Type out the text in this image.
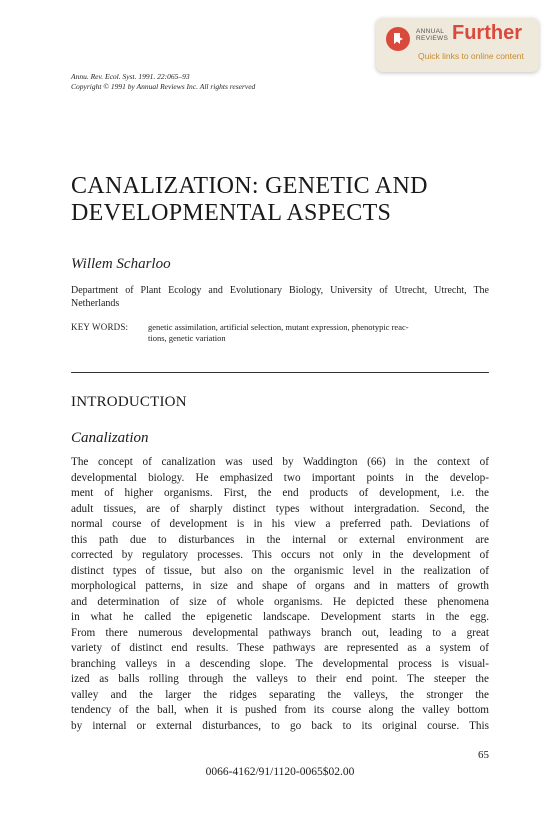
ANNUAL
REVIEWS Further
Quick links to online content
Annu. Rev. Ecol. Syst. 1991. 22:065–93
Copyright © 1991 by Annual Reviews Inc. All rights reserved
CANALIZATION: GENETIC AND
DEVELOPMENTAL ASPECTS
Willem Scharloo
Department of Plant Ecology and Evolutionary Biology, University of Utrecht, Utrecht, The Netherlands
KEY WORDS: genetic assimilation, artificial selection, mutant expression, phenotypic reac-
tions, genetic variation
INTRODUCTION
Canalization
The concept of canalization was used by Waddington (66) in the context of
developmental biology. He emphasized two important points in the develop-
ment of higher organisms. First, the end products of development, i.e. the
adult tissues, are of sharply distinct types without intergradation. Second, the
normal course of development is in his view a preferred path. Deviations of
this path due to disturbances in the internal or external environment are
corrected by regulatory processes. This occurs not only in the development of
distinct types of tissue, but also on the organismic level in the realization of
morphological patterns, in size and shape of organs and in matters of growth
and determination of size of whole organisms. He depicted these phenomena
in what he called the epigenetic landscape. Development starts in the egg.
From there numerous developmental pathways branch out, leading to a great
variety of distinct end results. These pathways are represented as a system of
branching valleys in a descending slope. The developmental process is visual-
ized as balls rolling through the valleys to their end point. The steeper the
valley and the larger the ridges separating the valleys, the stronger the
tendency of the ball, when it is pushed from its course along the valley bottom
by internal or external disturbances, to go back to its original course. This
65
0066-4162/91/1120-0065$02.00
